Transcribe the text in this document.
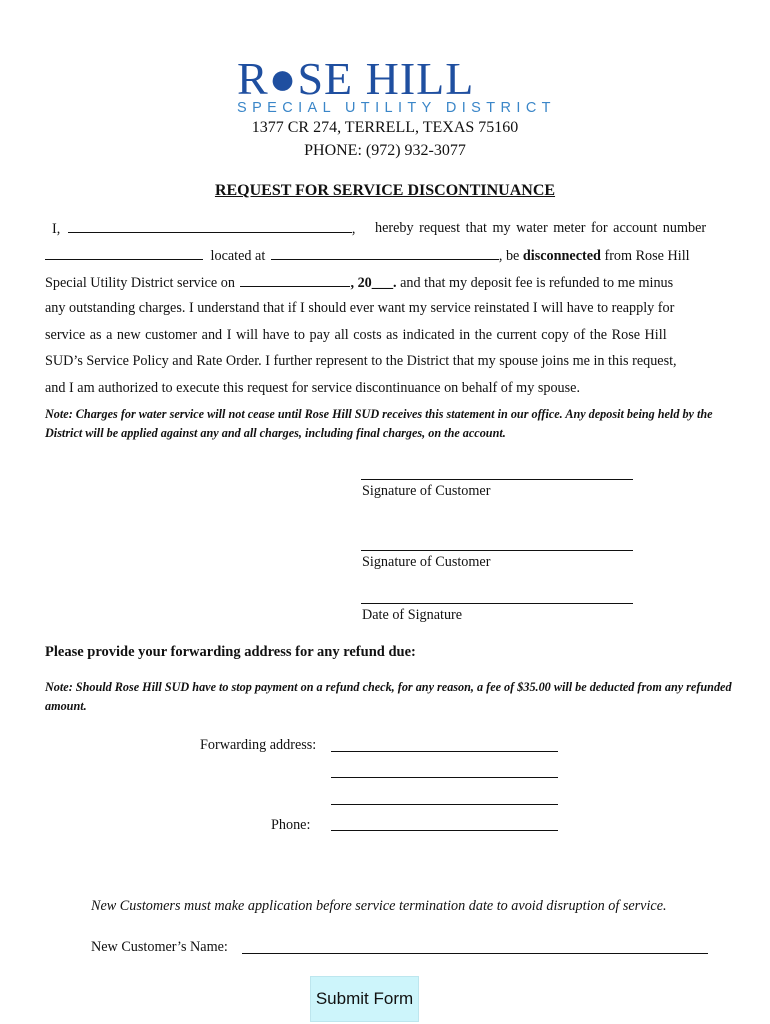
R●SE HILL
SPECIAL UTILITY DISTRICT
1377 CR 274, TERRELL, TEXAS 75160
PHONE: (972) 932-3077
REQUEST FOR SERVICE DISCONTINUANCE
I,	, hereby request that my water meter for account number
located at	, be disconnected from Rose Hill
Special Utility District service on	, 20___. and that my deposit fee is refunded to me minus
any outstanding charges. I understand that if I should ever want my service reinstated I will have to reapply for
service as a new customer and I will have to pay all costs as indicated in the current copy of the Rose Hill
SUD’s Service Policy and Rate Order. I further represent to the District that my spouse joins me in this request,
and I am authorized to execute this request for service discontinuance on behalf of my spouse.
Note: Charges for water service will not cease until Rose Hill SUD receives this statement in our office. Any deposit being held by the District will be applied against any and all charges, including final charges, on the account.
Signature of Customer
Signature of Customer
Date of Signature
Please provide your forwarding address for any refund due:
Note: Should Rose Hill SUD have to stop payment on a refund check, for any reason, a fee of $35.00 will be deducted from any refunded amount.
Forwarding address:
Phone:
New Customers must make application before service termination date to avoid disruption of service.
New Customer’s Name:
Submit Form
